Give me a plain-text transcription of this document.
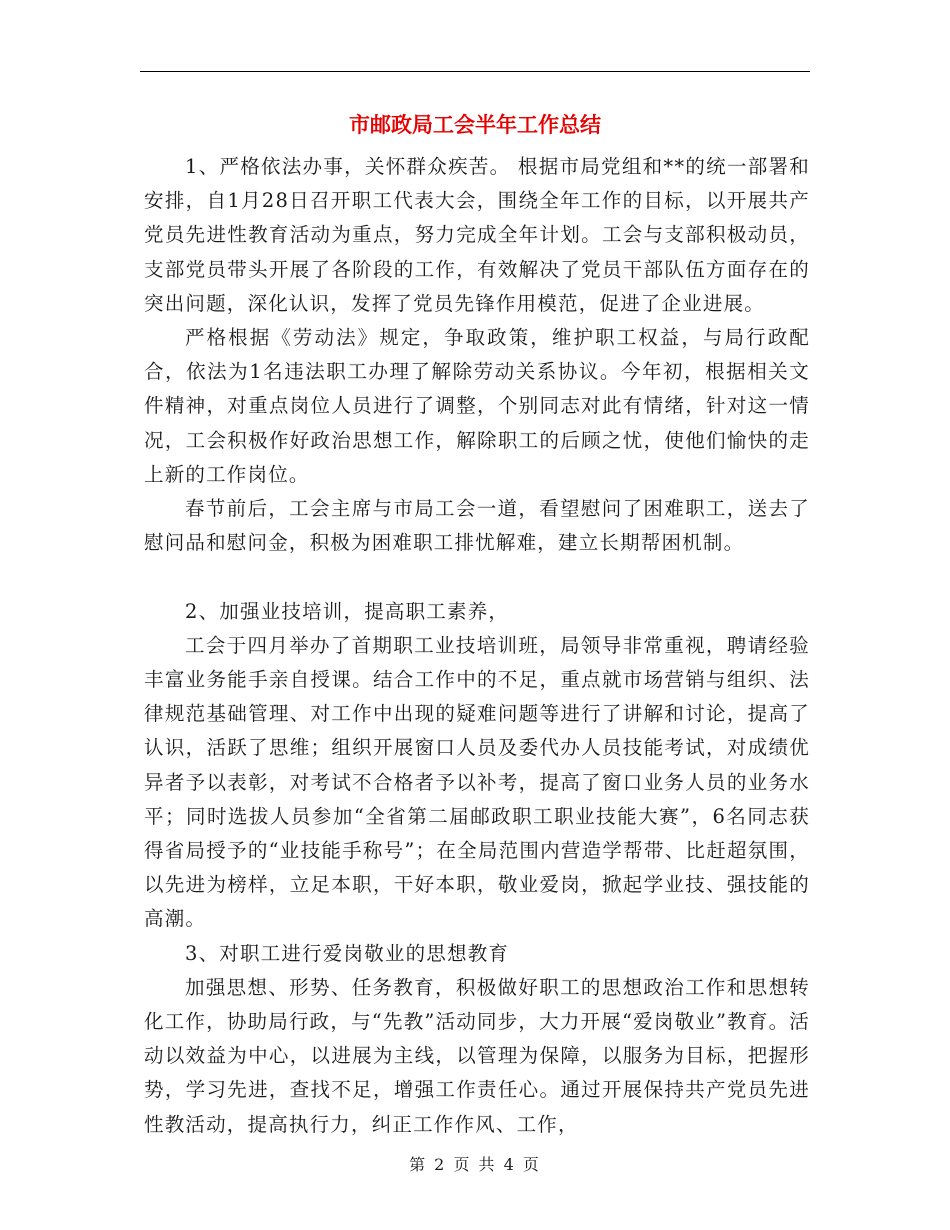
市邮政局工会半年工作总结

1、严格依法办事，关怀群众疾苦。 根据市局党组和**的统一部署和安排，自1月28日召开职工代表大会，围绕全年工作的目标，以开展共产党员先进性教育活动为重点，努力完成全年计划。工会与支部积极动员，支部党员带头开展了各阶段的工作，有效解决了党员干部队伍方面存在的突出问题，深化认识，发挥了党员先锋作用模范，促进了企业进展。

严格根据《劳动法》规定，争取政策，维护职工权益，与局行政配合，依法为1名违法职工办理了解除劳动关系协议。今年初，根据相关文件精神，对重点岗位人员进行了调整，个别同志对此有情绪，针对这一情况，工会积极作好政治思想工作，解除职工的后顾之忧，使他们愉快的走上新的工作岗位。

春节前后，工会主席与市局工会一道，看望慰问了困难职工，送去了慰问品和慰问金，积极为困难职工排忧解难，建立长期帮困机制。

2、加强业技培训，提高职工素养，

工会于四月举办了首期职工业技培训班，局领导非常重视，聘请经验丰富业务能手亲自授课。结合工作中的不足，重点就市场营销与组织、法律规范基础管理、对工作中出现的疑难问题等进行了讲解和讨论，提高了认识，活跃了思维；组织开展窗口人员及委代办人员技能考试，对成绩优异者予以表彰，对考试不合格者予以补考，提高了窗口业务人员的业务水平；同时选拔人员参加“全省第二届邮政职工职业技能大赛”，6名同志获得省局授予的“业技能手称号”；在全局范围内营造学帮带、比赶超氛围，以先进为榜样，立足本职，干好本职，敬业爱岗，掀起学业技、强技能的高潮。

3、对职工进行爱岗敬业的思想教育

加强思想、形势、任务教育，积极做好职工的思想政治工作和思想转化工作，协助局行政，与“先教”活动同步，大力开展“爱岗敬业”教育。活动以效益为中心，以进展为主线，以管理为保障，以服务为目标，把握形势，学习先进，查找不足，增强工作责任心。通过开展保持共产党员先进性教活动，提高执行力，纠正工作作风、工作，

第 2 页 共 4 页
